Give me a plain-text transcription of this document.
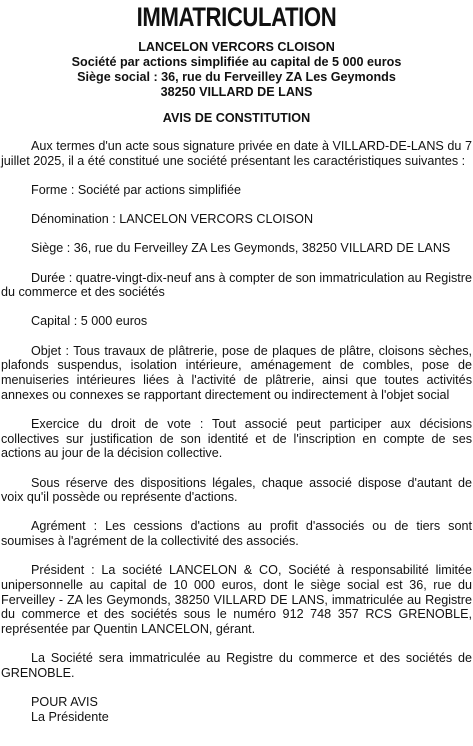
IMMATRICULATION
LANCELON VERCORS CLOISON
Société par actions simplifiée au capital de 5 000 euros
Siège social : 36, rue du Ferveilley ZA Les Geymonds
38250 VILLARD DE LANS
AVIS DE CONSTITUTION

Aux termes d'un acte sous signature privée en date à VILLARD-DE-LANS du 7 juillet 2025, il a été constitué une société présentant les caractéristiques suivantes :

Forme : Société par actions simplifiée

Dénomination : LANCELON VERCORS CLOISON

Siège : 36, rue du Ferveilley ZA Les Geymonds, 38250 VILLARD DE LANS

Durée : quatre-vingt-dix-neuf ans à compter de son immatriculation au Registre du commerce et des sociétés

Capital : 5 000 euros

Objet : Tous travaux de plâtrerie, pose de plaques de plâtre, cloisons sèches, plafonds suspendus, isolation intérieure, aménagement de combles, pose de menuiseries intérieures liées à l'activité de plâtrerie, ainsi que toutes activités annexes ou connexes se rapportant directement ou indirectement à l'objet social

Exercice du droit de vote : Tout associé peut participer aux décisions collectives sur justification de son identité et de l'inscription en compte de ses actions au jour de la décision collective.

Sous réserve des dispositions légales, chaque associé dispose d'autant de voix qu'il possède ou représente d'actions.

Agrément : Les cessions d'actions au profit d'associés ou de tiers sont soumises à l'agrément de la collectivité des associés.

Président : La société LANCELON & CO, Société à responsabilité limitée unipersonnelle au capital de 10 000 euros, dont le siège social est 36, rue du Ferveilley - ZA les Geymonds, 38250 VILLARD DE LANS, immatriculée au Registre du commerce et des sociétés sous le numéro 912 748 357 RCS GRENOBLE, représentée par Quentin LANCELON, gérant.

La Société sera immatriculée au Registre du commerce et des sociétés de GRENOBLE.

POUR AVIS
La Présidente
